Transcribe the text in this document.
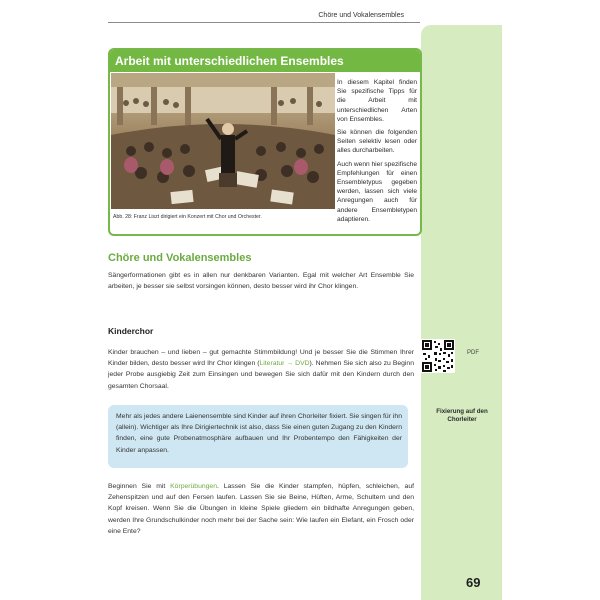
Chöre und Vokalensembles
Arbeit mit unterschiedlichen Ensembles
Abb. 28: Franz Liszt dirigiert ein Konzert mit Chor und Orchester.

In diesem Kapitel finden Sie spezifische Tipps für die Arbeit mit unterschiedlichen Arten von Ensembles.

Sie können die folgenden Seiten selektiv lesen oder alles durcharbeiten.

Auch wenn hier spezifische Empfehlungen für einen Ensembletypus gegeben werden, lassen sich viele Anregungen auch für andere Ensembletypen adaptieren.

Chöre und Vokalensembles

Sängerformationen gibt es in allen nur denkbaren Varianten. Egal mit welcher Art Ensemble Sie arbeiten, je besser sie selbst vorsingen können, desto besser wird ihr Chor klingen.

Kinderchor

Kinder brauchen – und lieben – gut gemachte Stimmbildung! Und je besser Sie die Stimmen Ihrer Kinder bilden, desto besser wird Ihr Chor klingen (Literatur → DVD). Nehmen Sie sich also zu Beginn jeder Probe ausgiebig Zeit zum Einsingen und bewegen Sie sich dafür mit den Kindern durch den gesamten Chorsaal.

Mehr als jedes andere Laienensemble sind Kinder auf ihren Chorleiter fixiert. Sie singen für ihn (allein). Wichtiger als Ihre Dirigiertechnik ist also, dass Sie einen guten Zugang zu den Kindern finden, eine gute Probenatmosphäre aufbauen und Ihr Probentempo den Fähigkeiten der Kinder anpassen.

Beginnen Sie mit Körperübungen. Lassen Sie die Kinder stampfen, hüpfen, schleichen, auf Zehenspitzen und auf den Fersen laufen. Lassen Sie sie Beine, Hüften, Arme, Schultern und den Kopf kreisen. Wenn Sie die Übungen in kleine Spiele gliedern ein bildhafte Anregungen geben, werden Ihre Grundschulkinder noch mehr bei der Sache sein: Wie laufen ein Elefant, ein Frosch oder eine Ente?

PDF
Fixierung auf den Chorleiter
69
